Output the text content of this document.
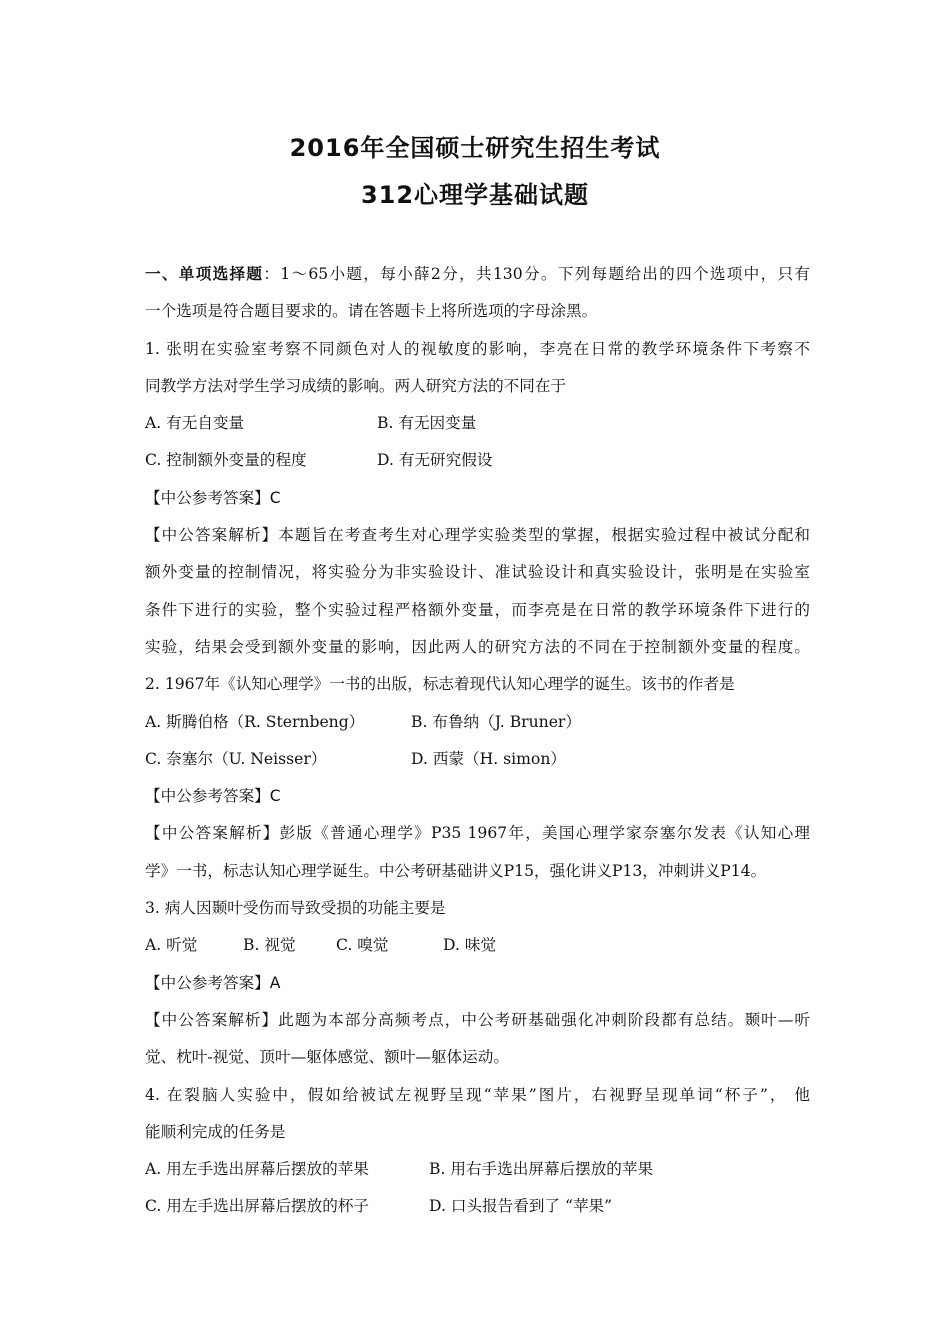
2016年全国硕士研究生招生考试
312心理学基础试题
一、单项选择题：1～65小题，每小薛2分，共130分。下列每题给出的四个选项中，只有
一个选项是符合题目要求的。请在答题卡上将所选项的字母涂黑。
1. 张明在实验室考察不同颜色对人的视敏度的影响，李亮在日常的教学环境条件下考察不
同教学方法对学生学习成绩的影响。两人研究方法的不同在于
A. 有无自变量	B. 有无因变量
C. 控制额外变量的程度	D. 有无研究假设
【中公参考答案】C
【中公答案解析】本题旨在考查考生对心理学实验类型的掌握，根据实验过程中被试分配和
额外变量的控制情况，将实验分为非实验设计、准试验设计和真实验设计，张明是在实验室
条件下进行的实验，整个实验过程严格额外变量，而李亮是在日常的教学环境条件下进行的
实验，结果会受到额外变量的影响，因此两人的研究方法的不同在于控制额外变量的程度。
2. 1967年《认知心理学》一书的出版，标志着现代认知心理学的诞生。该书的作者是
A. 斯腾伯格（R. Sternbeng）	B. 布鲁纳（J. Bruner）
C. 奈塞尔（U. Neisser）	D. 西蒙（H. simon）
【中公参考答案】C
【中公答案解析】彭版《普通心理学》P35 1967年，美国心理学家奈塞尔发表《认知心理
学》一书，标志认知心理学诞生。中公考研基础讲义P15，强化讲义P13，冲刺讲义P14。
3. 病人因颞叶受伤而导致受损的功能主要是
A. 听觉	B. 视觉	C. 嗅觉	D. 味觉
【中公参考答案】A
【中公答案解析】此题为本部分高频考点，中公考研基础强化冲刺阶段都有总结。颞叶—听
觉、枕叶-视觉、顶叶—躯体感觉、额叶—躯体运动。
4. 在裂脑人实验中，假如给被试左视野呈现“苹果”图片，右视野呈现单词“杯子”， 他
能顺利完成的任务是
A. 用左手选出屏幕后摆放的苹果	B. 用右手选出屏幕后摆放的苹果
C. 用左手选出屏幕后摆放的杯子	D. 口头报告看到了 “苹果”
